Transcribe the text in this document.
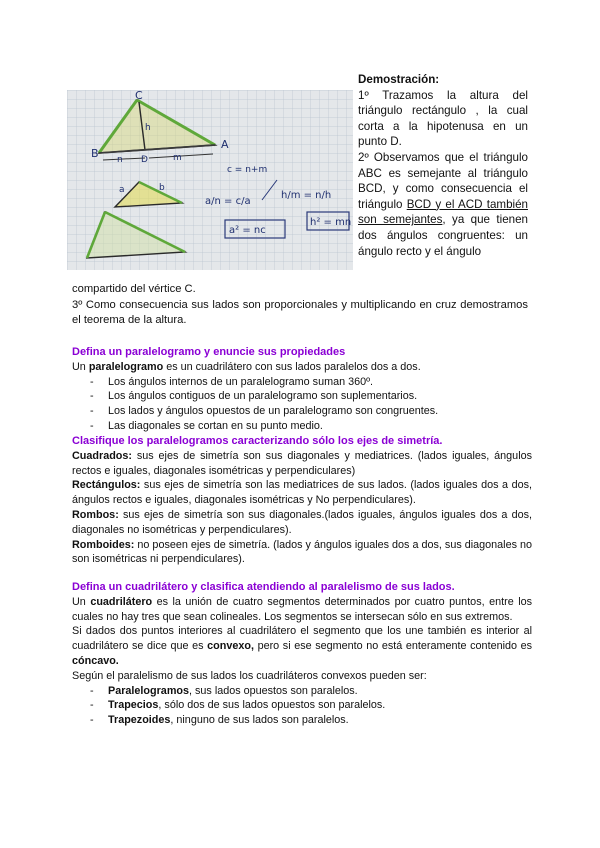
C
h
B n D	m
A
c = n+m
a	b
a/n = c/a
h/m = n/h
a² = nc
h² = mn

Demostración:

1º Trazamos la altura del triángulo rectángulo , la cual corta a la hipotenusa en un punto D.

2º Observamos que el triángulo ABC es semejante al triángulo BCD, y como consecuencia el triángulo BCD y el ACD también son semejantes, ya que tienen dos ángulos congruentes: un ángulo recto y el ángulo

compartido del vértice C.

3º Como consecuencia sus lados son proporcionales y multiplicando en cruz demostramos el teorema de la altura.

Defina un paralelogramo y enuncie sus propiedades

Un paralelogramo es un cuadrilátero con sus lados paralelos dos a dos.

- Los ángulos internos de un paralelogramo suman 360º.
- Los ángulos contiguos de un paralelogramo son suplementarios.
- Los lados y ángulos opuestos de un paralelogramo son congruentes.
- Las diagonales se cortan en su punto medio.

Clasifique los paralelogramos caracterizando sólo los ejes de simetría.

Cuadrados: sus ejes de simetría son sus diagonales y mediatrices. (lados iguales, ángulos rectos e iguales, diagonales isométricas y perpendiculares)

Rectángulos: sus ejes de simetría son las mediatrices de sus lados. (lados iguales dos a dos, ángulos rectos e iguales, diagonales isométricas y No perpendiculares).

Rombos: sus ejes de simetría son sus diagonales.(lados iguales, ángulos iguales dos a dos, diagonales no isométricas y perpendiculares).

Romboides: no poseen ejes de simetría. (lados y ángulos iguales dos a dos, sus diagonales no son isométricas ni perpendiculares).

Defina un cuadrilátero y clasifica atendiendo al paralelismo de sus lados.

Un cuadrilátero es la unión de cuatro segmentos determinados por cuatro puntos, entre los cuales no hay tres que sean colineales. Los segmentos se intersecan sólo en sus extremos.

Si dados dos puntos interiores al cuadrilátero el segmento que los une también es interior al cuadrilátero se dice que es convexo, pero si ese segmento no está enteramente contenido es cóncavo.

Según el paralelismo de sus lados los cuadriláteros convexos pueden ser:

- Paralelogramos, sus lados opuestos son paralelos.
- Trapecios, sólo dos de sus lados opuestos son paralelos.
- Trapezoides, ninguno de sus lados son paralelos.
